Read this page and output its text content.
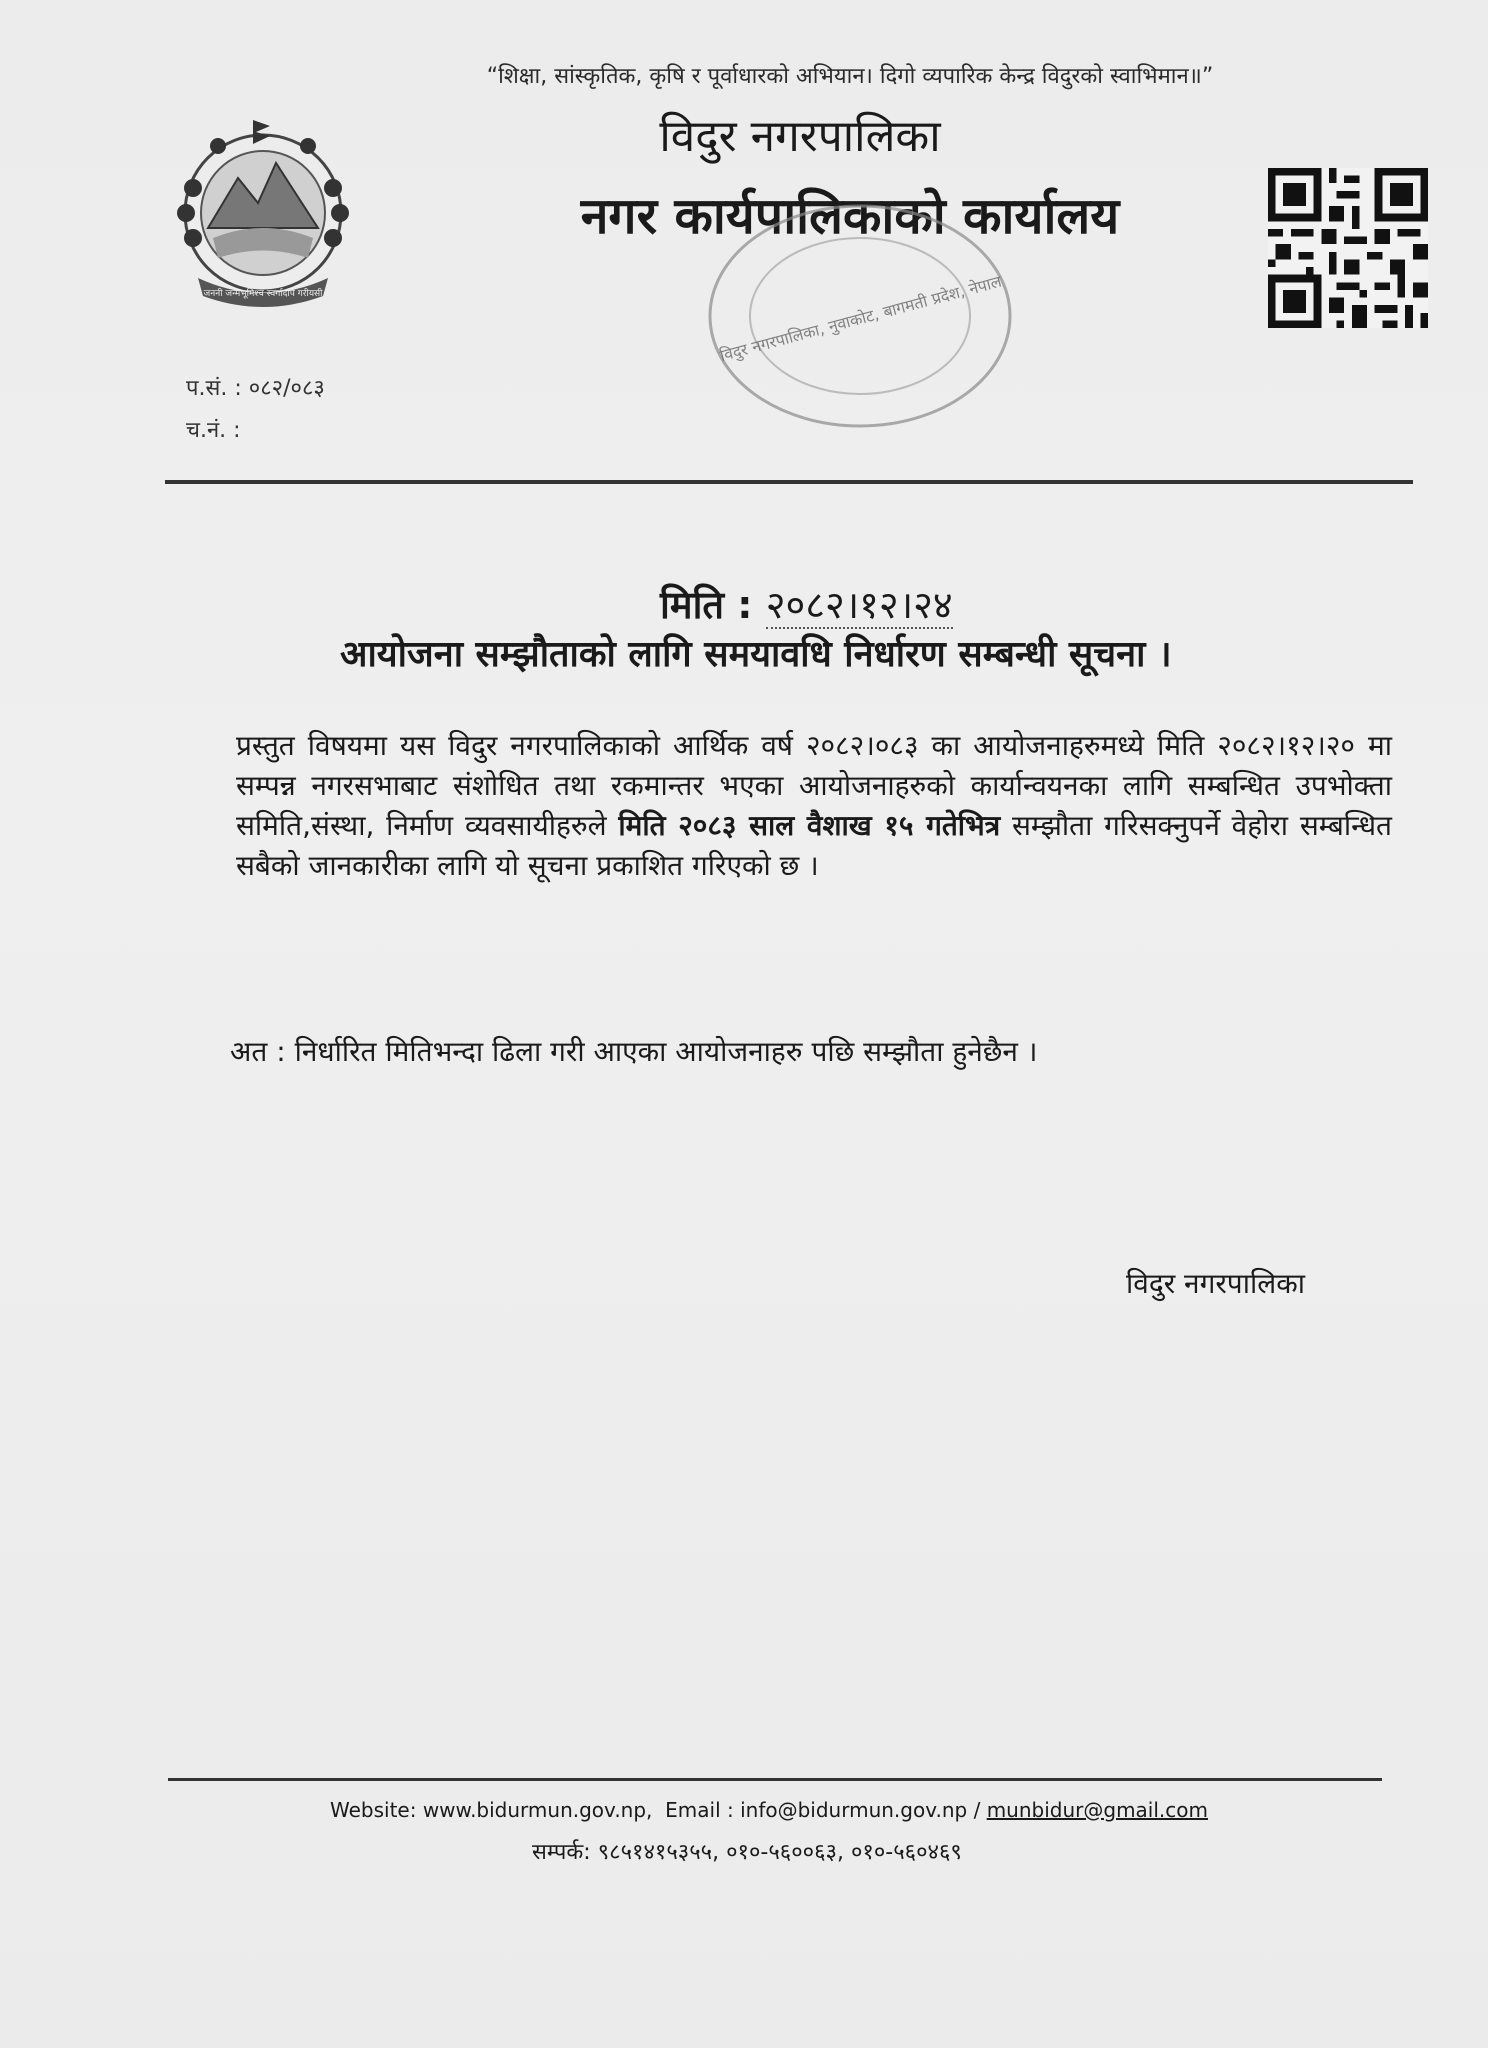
“शिक्षा, सांस्कृतिक, कृषि र पूर्वाधारको अभियान। दिगो व्यपारिक केन्द्र विदुरको स्वाभिमान॥”
जननी जन्मभूमिश्च स्वर्गादपि गरीयसी
विदुर नगरपालिका
नगर कार्यपालिकाको कार्यालय
विदुर नगरपालिका, नुवाकोट, बागमती प्रदेश, नेपाल
प.सं. : ०८२/०८३
च.नं. :
मिति : २०८२।१२।२४
आयोजना सम्झौताको लागि समयावधि निर्धारण सम्बन्धी सूचना ।
प्रस्तुत विषयमा यस विदुर नगरपालिकाको आर्थिक वर्ष २०८२।०८३ का आयोजनाहरुमध्ये मिति २०८२।१२।२० मा सम्पन्न नगरसभाबाट संशोधित तथा रकमान्तर भएका आयोजनाहरुको कार्यान्वयनका लागि सम्बन्धित उपभोक्ता समिति,संस्था, निर्माण व्यवसायीहरुले मिति २०८३ साल वैशाख १५ गतेभित्र सम्झौता गरिसक्नुपर्ने वेहोरा सम्बन्धित सबैको जानकारीका लागि यो सूचना प्रकाशित गरिएको छ ।
अत : निर्धारित मितिभन्दा ढिला गरी आएका आयोजनाहरु पछि सम्झौता हुनेछैन ।
विदुर नगरपालिका
Website: www.bidurmun.gov.np, Email : info@bidurmun.gov.np / munbidur@gmail.com
सम्पर्क: ९८५१४१५३५५, ०१०-५६००६३, ०१०-५६०४६९
